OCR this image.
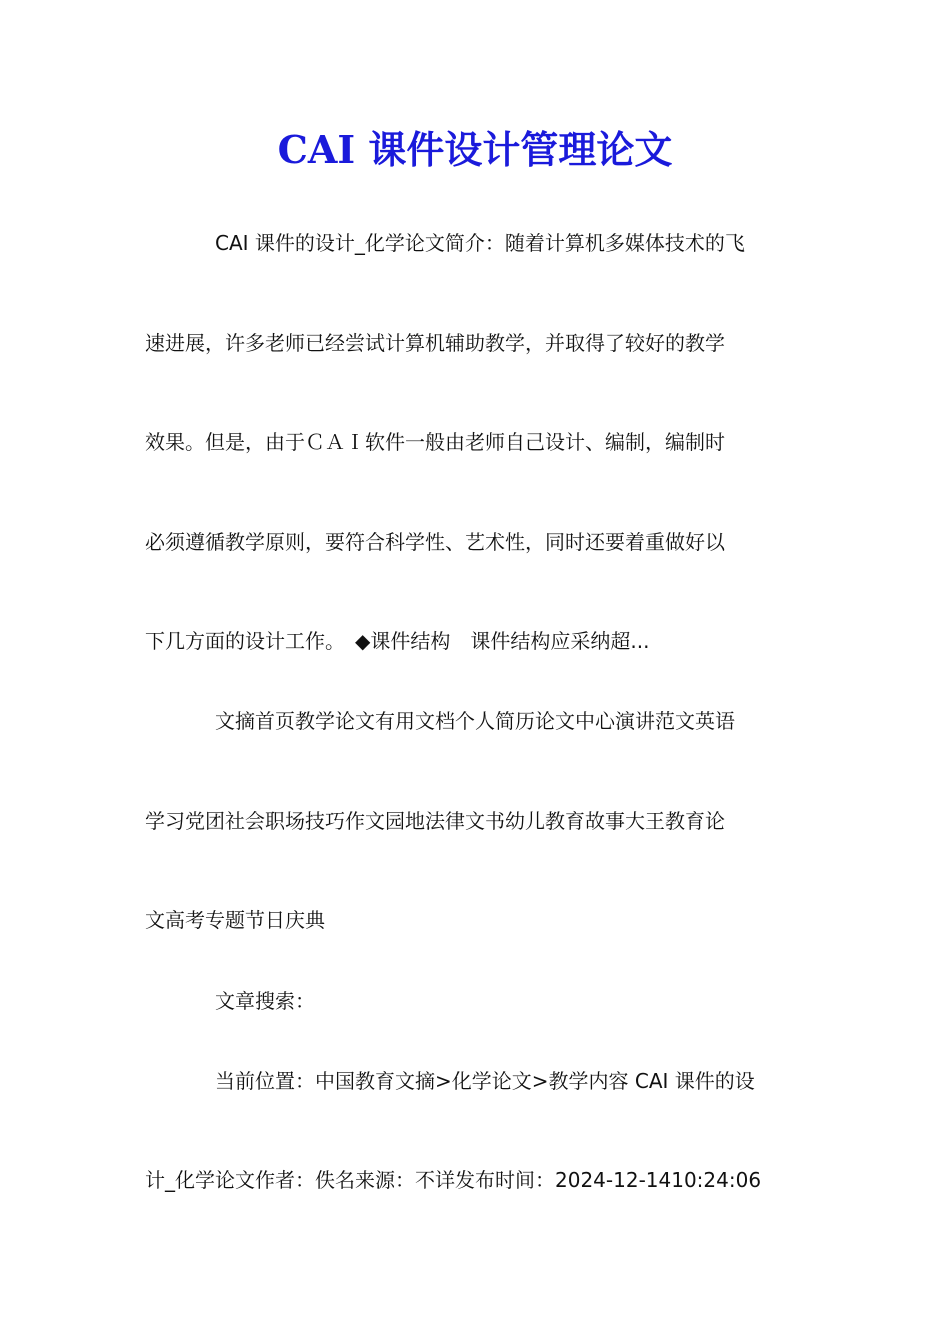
CAI 课件设计管理论文
CAI 课件的设计_化学论文简介：随着计算机多媒体技术的飞
速进展，许多老师已经尝试计算机辅助教学，并取得了较好的教学
效果。但是，由于ＣＡＩ软件一般由老师自己设计、编制，编制时
必须遵循教学原则，要符合科学性、艺术性，同时还要着重做好以
下几方面的设计工作。　◆课件结构　课件结构应采纳超...
文摘首页教学论文有用文档个人简历论文中心演讲范文英语
学习党团社会职场技巧作文园地法律文书幼儿教育故事大王教育论
文高考专题节日庆典
文章搜索：
当前位置：中国教育文摘>化学论文>教学内容 CAI 课件的设
计_化学论文作者：佚名来源：不详发布时间：2024-12-1410:24:06
